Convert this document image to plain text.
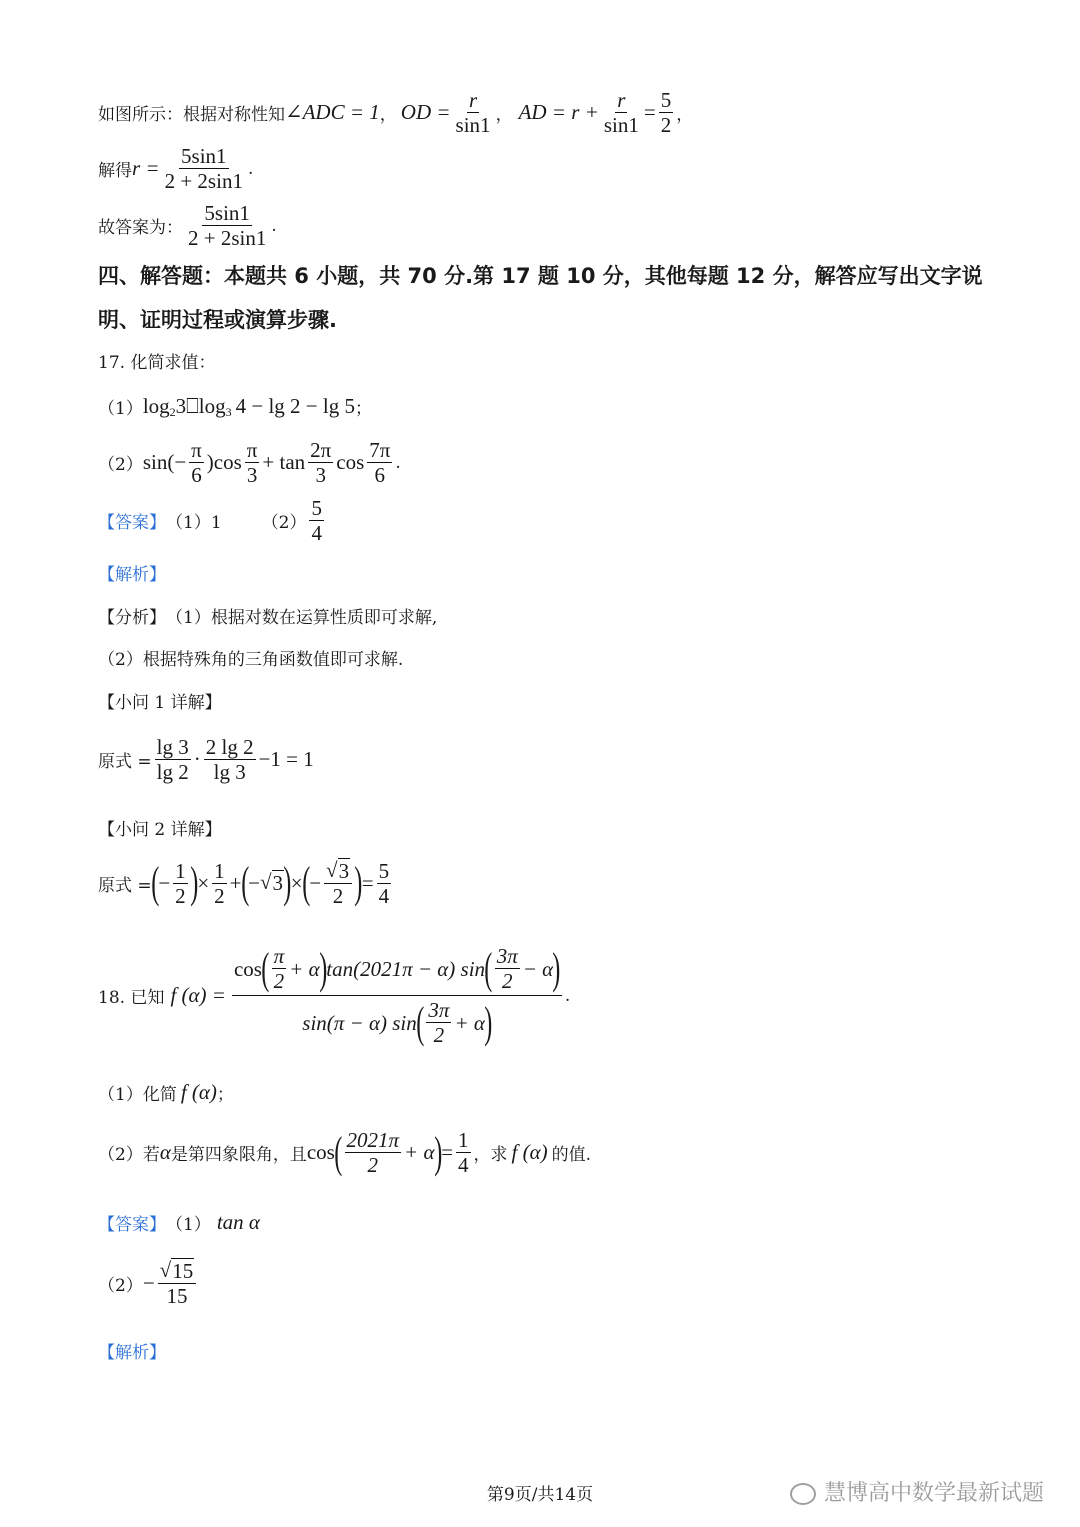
如图所示：根据对称性知 ∠ADC = 1 ， OD = $\frac{r}{\sin 1}$ ， AD = $r + \frac{r}{\sin 1} = \frac{5}{2}$ ，
解得 $r = \frac{5\sin 1}{2 + 2\sin 1}$ .
故答案为： $\frac{5\sin 1}{2 + 2\sin 1}$ .
四、解答题：本题共 6 小题，共 70 分.第 17 题 10 分，其他每题 12 分，解答应写出文字说
明、证明过程或演算步骤.
17. 化简求值：
（1） log 2 3⎕log 3 4 − lg 2 − lg 5 ；
（2） $\sin(- \frac{\pi}{6} )\cos \frac{\pi}{3} + \tan \frac{2\pi}{3}$ $\cos \frac{7\pi}{6}$ .
【答案】 （1）1 $(2) \frac{5}{4}$
【解析】
【分析】 （1）根据对数在运算性质即可求解,
（2）根据特殊角的三角函数值即可求解.
【小问 1 详解】
原式 = $\frac{\lg 3}{\lg 2} \cdot \frac{2 \lg 2}{\lg 3} -1 = 1$
【小问 2 详解】
原式 = ( − $\frac{1}{2}$ ) × $\frac{1}{2}$ + ( − √ 3 ) × ( − $\frac{√ 3}{2}$ ) = $\frac{5}{4}$
18. 已知 f (α) =
cos ( $\frac{\pi}{2} + \alpha$ ) tan(2021π − α) sin ( $\frac{3\pi}{2} - \alpha$ )
sin(π − α) sin ( $\frac{3\pi}{2} + \alpha$ )
.
（1）化简 f (α) ；
（2）若 α 是第四象限角，且 cos ( $\frac{2021\pi}{2} + \alpha$ ) = $\frac{1}{4}$ ，求 f (α) 的值.
【答案】 （1） tan α
$(2) - \frac{√ 15}{15}$
【解析】
第9页/共14页	慧博高中数学最新试题
